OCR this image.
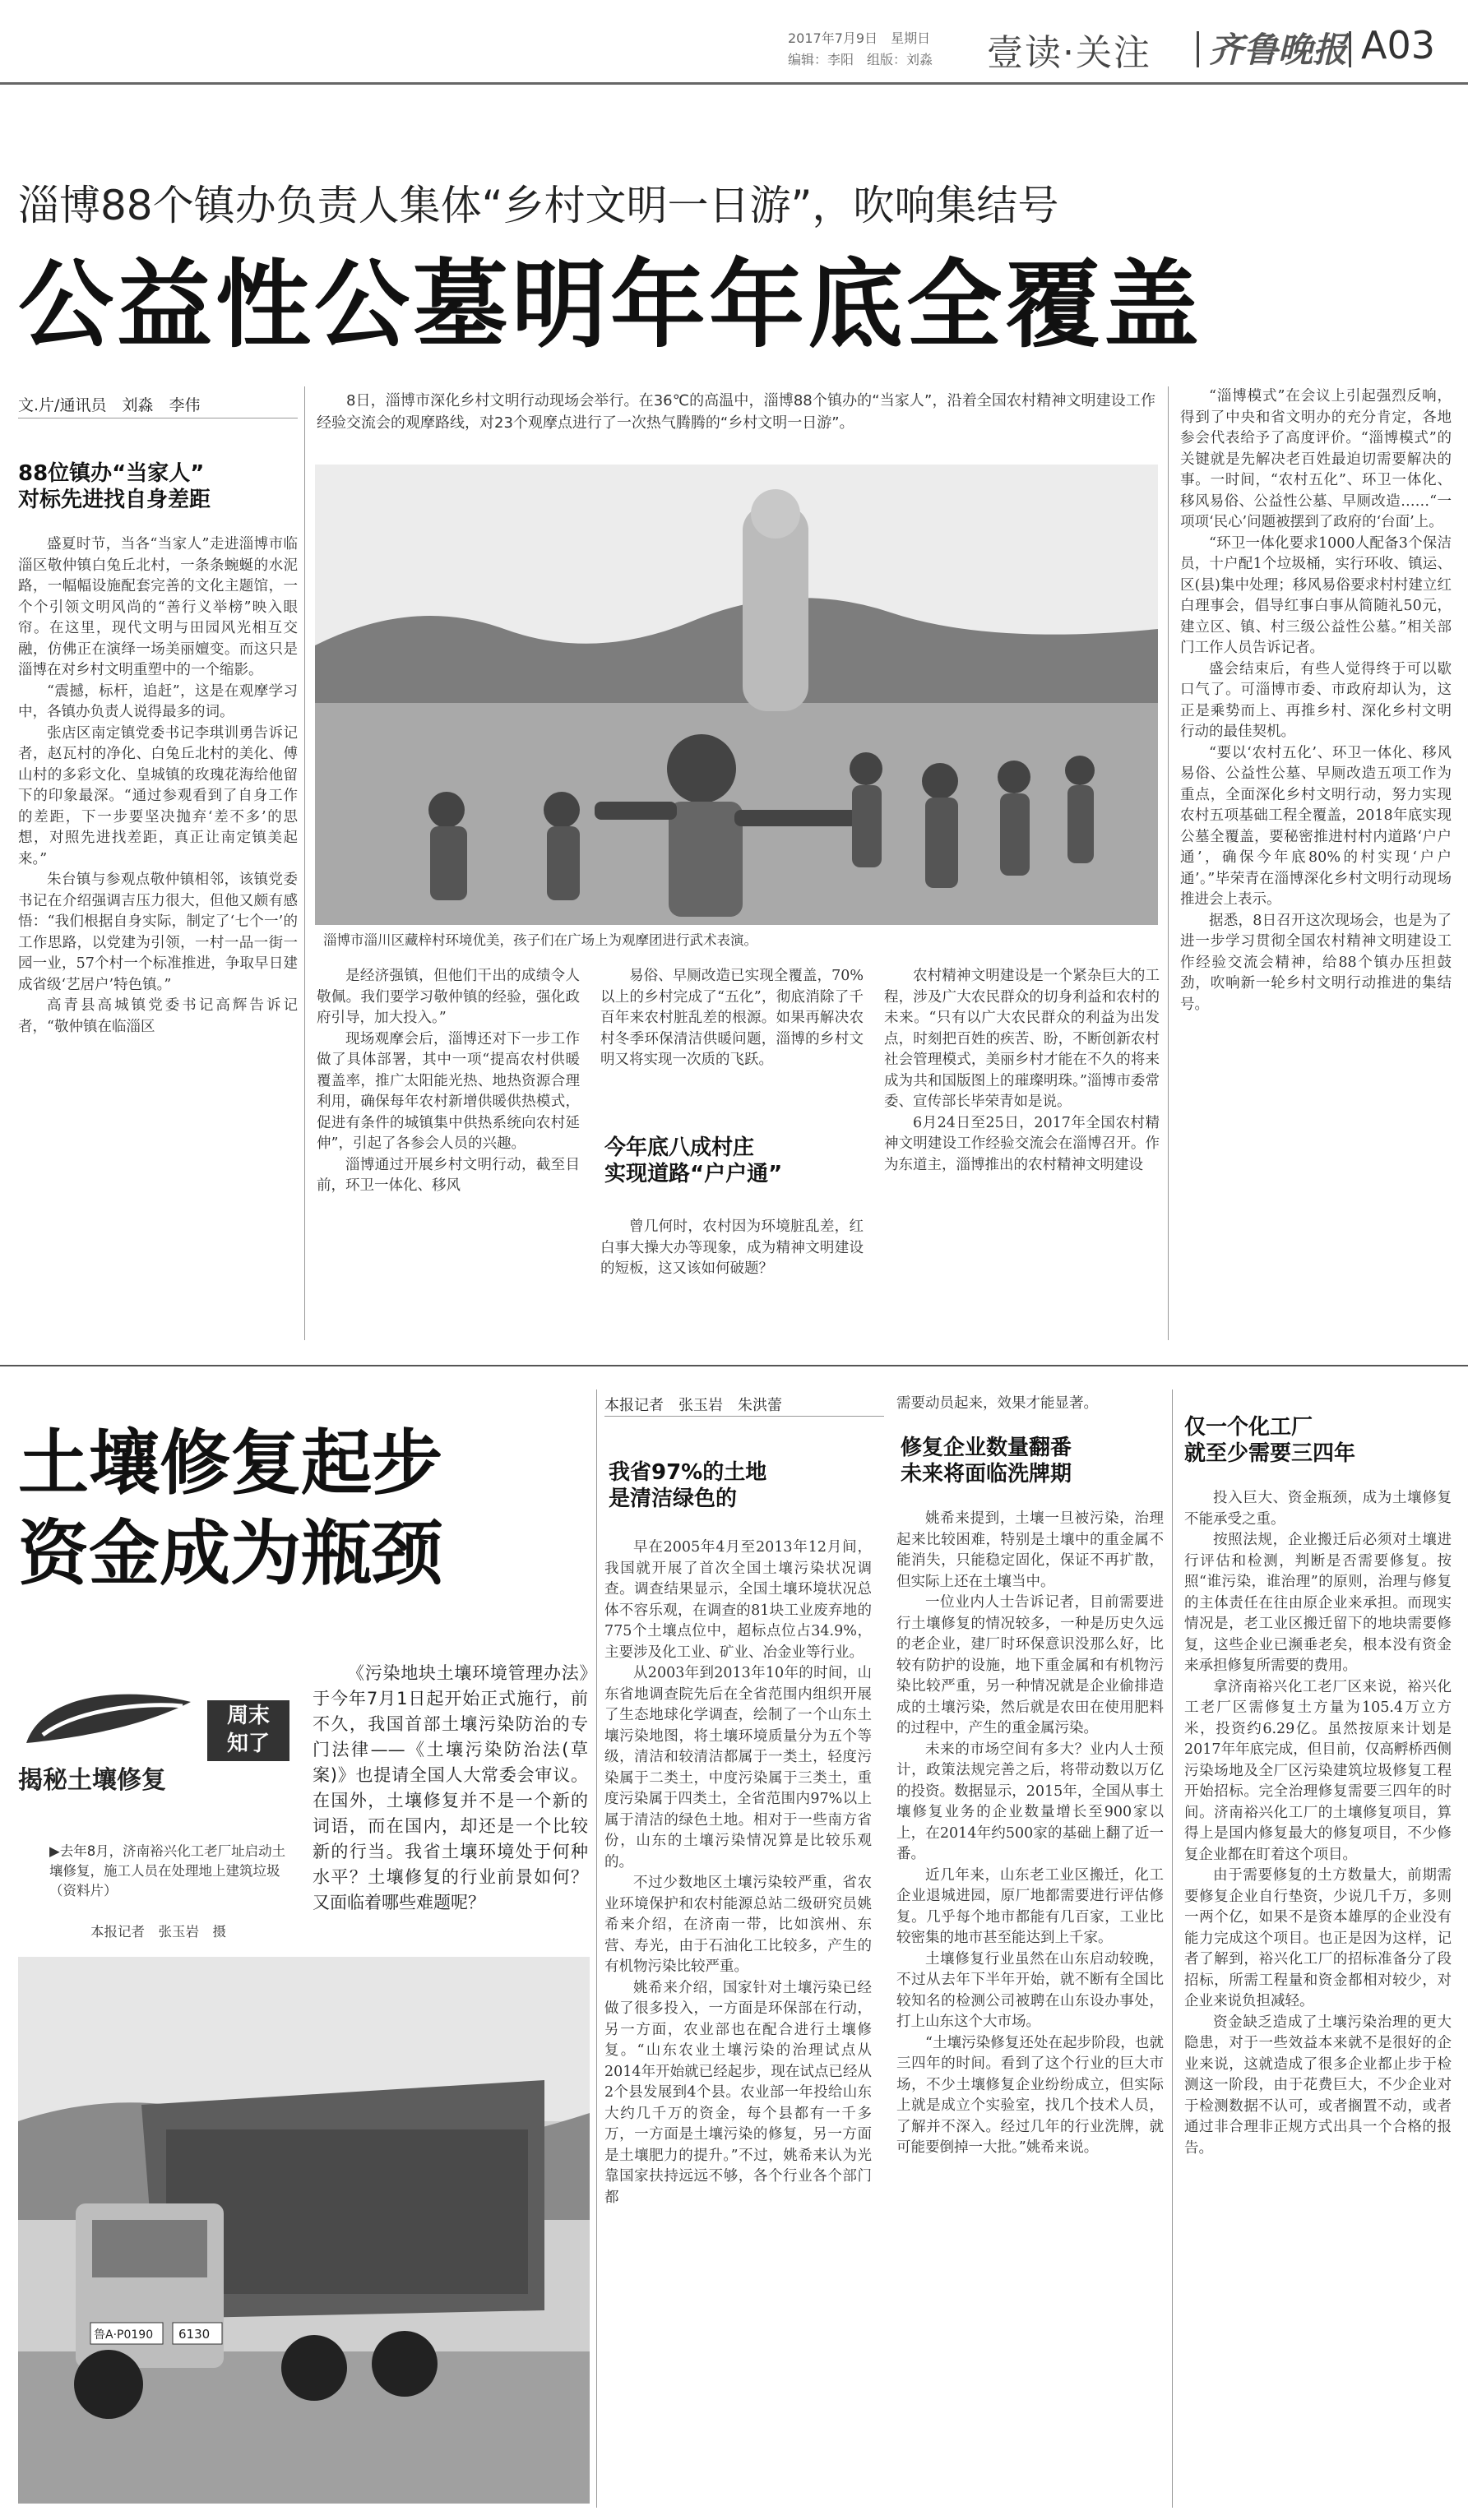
2017年7月9日　星期日
编辑：李阳　组版：刘淼 壹读·关注 齐鲁晚报 A03
淄博88个镇办负责人集体“乡村文明一日游”，吹响集结号
公益性公墓明年年底全覆盖
文.片/通讯员　刘淼　李伟	8日，淄博市深化乡村文明行动现场会举行。在36℃的高温中，淄博88个镇办的“当家人”，沿着全国农村精神文明建设工作经验交流会的观摩路线，对23个观摩点进行了一次热气腾腾的“乡村文明一日游”。

淄博市淄川区藏梓村环境优美，孩子们在广场上为观摩团进行武术表演。
88位镇办“当家人”
对标先进找自身差距

盛夏时节，当各“当家人”走进淄博市临淄区敬仲镇白兔丘北村，一条条蜿蜒的水泥路，一幅幅设施配套完善的文化主题馆，一个个引领文明风尚的“善行义举榜”映入眼帘。在这里，现代文明与田园风光相互交融，仿佛正在演绎一场美丽嬗变。而这只是淄博在对乡村文明重塑中的一个缩影。

“震撼，标杆，追赶”，这是在观摩学习中，各镇办负责人说得最多的词。

张店区南定镇党委书记李琪训勇告诉记者，赵瓦村的净化、白兔丘北村的美化、傅山村的多彩文化、皇城镇的玫瑰花海给他留下的印象最深。“通过参观看到了自身工作的差距，下一步要坚决抛弃‘差不多’的思想，对照先进找差距，真正让南定镇美起来。”

朱台镇与参观点敬仲镇相邻，该镇党委书记在介绍强调吉压力很大，但他又颇有感悟：“我们根据自身实际，制定了‘七个一’的工作思路，以党建为引领，一村一品一街一园一业，57个村一个标准推进，争取早日建成省级‘艺居户’特色镇。”

高青县高城镇党委书记高辉告诉记者，“敬仲镇在临淄区

是经济强镇，但他们干出的成绩令人敬佩。我们要学习敬仲镇的经验，强化政府引导，加大投入。”

现场观摩会后，淄博还对下一步工作做了具体部署，其中一项“提高农村供暖覆盖率，推广太阳能光热、地热资源合理利用，确保每年农村新增供暖供热模式，促进有条件的城镇集中供热系统向农村延伸”，引起了各参会人员的兴趣。

淄博通过开展乡村文明行动，截至目前，环卫一体化、移风

易俗、早厕改造已实现全覆盖，70%以上的乡村完成了“五化”，彻底消除了千百年来农村脏乱差的根源。如果再解决农村冬季环保清洁供暖问题，淄博的乡村文明又将实现一次质的飞跃。

今年底八成村庄
实现道路“户户通”

曾几何时，农村因为环境脏乱差，红白事大操大办等现象，成为精神文明建设的短板，这又该如何破题？

农村精神文明建设是一个紧杂巨大的工程，涉及广大农民群众的切身利益和农村的未来。“只有以广大农民群众的利益为出发点，时刻把百姓的疾苦、盼，不断创新农村社会管理模式，美丽乡村才能在不久的将来成为共和国版图上的璀璨明珠。”淄博市委常委、宣传部长毕荣青如是说。

6月24日至25日，2017年全国农村精神文明建设工作经验交流会在淄博召开。作为东道主，淄博推出的农村精神文明建设

“淄博模式”在会议上引起强烈反响，得到了中央和省文明办的充分肯定，各地参会代表给予了高度评价。“淄博模式”的关键就是先解决老百姓最迫切需要解决的事。一时间，“农村五化”、环卫一体化、移风易俗、公益性公墓、早厕改造……“一项项‘民心’问题被摆到了政府的‘台面’上。

“环卫一体化要求1000人配备3个保洁员，十户配1个垃圾桶，实行环收、镇运、区(县)集中处理；移风易俗要求村村建立红白理事会，倡导红事白事从简随礼50元，建立区、镇、村三级公益性公墓。”相关部门工作人员告诉记者。

盛会结束后，有些人觉得终于可以歇口气了。可淄博市委、市政府却认为，这正是乘势而上、再推乡村、深化乡村文明行动的最佳契机。

“要以‘农村五化’、环卫一体化、移风易俗、公益性公墓、早厕改造五项工作为重点，全面深化乡村文明行动，努力实现农村五项基础工程全覆盖，2018年底实现公墓全覆盖，要秘密推进村村内道路‘户户通’，确保今年底80%的村实现‘户户通’。”毕荣青在淄博深化乡村文明行动现场推进会上表示。

据悉，8日召开这次现场会，也是为了进一步学习贯彻全国农村精神文明建设工作经验交流会精神，给88个镇办压担鼓劲，吹响新一轮乡村文明行动推进的集结号。

土壤修复起步
资金成为瓶颈
周末知了
揭秘土壤修复

《污染地块土壤环境管理办法》于今年7月1日起开始正式施行，前不久，我国首部土壤污染防治的专门法律——《土壤污染防治法(草案)》也提请全国人大常委会审议。在国外，土壤修复并不是一个新的词语，而在国内，却还是一个比较新的行当。我省土壤环境处于何种水平？土壤修复的行业前景如何？又面临着哪些难题呢？

▶去年8月，济南裕兴化工老厂址启动土壤修复，施工人员在处理地上建筑垃圾（资料片）
本报记者　张玉岩　摄
鲁A·P0190 6130
本报记者　张玉岩　朱洪蕾
我省97%的土地
是清洁绿色的

早在2005年4月至2013年12月间，我国就开展了首次全国土壤污染状况调查。调查结果显示，全国土壤环境状况总体不容乐观，在调查的81块工业废弃地的775个土壤点位中，超标点位占34.9%，主要涉及化工业、矿业、冶金业等行业。

从2003年到2013年10年的时间，山东省地调查院先后在全省范围内组织开展了生态地球化学调查，绘制了一个山东土壤污染地图，将土壤环境质量分为五个等级，清洁和较清洁都属于一类土，轻度污染属于二类土，中度污染属于三类土，重度污染属于四类土，全省范围内97%以上属于清洁的绿色土地。相对于一些南方省份，山东的土壤污染情况算是比较乐观的。

不过少数地区土壤污染较严重，省农业环境保护和农村能源总站二级研究员姚希来介绍，在济南一带，比如滨州、东营、寿光，由于石油化工比较多，产生的有机物污染比较严重。

姚希来介绍，国家针对土壤污染已经做了很多投入，一方面是环保部在行动，另一方面，农业部也在配合进行土壤修复。“山东农业土壤污染的治理试点从2014年开始就已经起步，现在试点已经从2个县发展到4个县。农业部一年投给山东大约几千万的资金，每个县都有一千多万，一方面是土壤污染的修复，另一方面是土壤肥力的提升。”不过，姚希来认为光靠国家扶持远远不够，各个行业各个部门都

需要动员起来，效果才能显著。

修复企业数量翻番
未来将面临洗牌期

姚希来提到，土壤一旦被污染，治理起来比较困难，特别是土壤中的重金属不能消失，只能稳定固化，保证不再扩散，但实际上还在土壤当中。

一位业内人士告诉记者，目前需要进行土壤修复的情况较多，一种是历史久远的老企业，建厂时环保意识没那么好，比较有防护的设施，地下重金属和有机物污染比较严重，另一种情况就是企业偷排造成的土壤污染，然后就是农田在使用肥料的过程中，产生的重金属污染。

未来的市场空间有多大？业内人士预计，政策法规完善之后，将带动数以万亿的投资。数据显示，2015年，全国从事土壤修复业务的企业数量增长至900家以上，在2014年约500家的基础上翻了近一番。

近几年来，山东老工业区搬迁，化工企业退城进园，原厂地都需要进行评估修复。几乎每个地市都能有几百家，工业比较密集的地市甚至能达到上千家。

土壤修复行业虽然在山东启动较晚，不过从去年下半年开始，就不断有全国比较知名的检测公司被聘在山东设办事处，打上山东这个大市场。

“土壤污染修复还处在起步阶段，也就三四年的时间。看到了这个行业的巨大市场，不少土壤修复企业纷纷成立，但实际上就是成立个实验室，找几个技术人员，了解并不深入。经过几年的行业洗牌，就可能要倒掉一大批。”姚希来说。

仅一个化工厂
就至少需要三四年

投入巨大、资金瓶颈，成为土壤修复不能承受之重。

按照法规，企业搬迁后必须对土壤进行评估和检测，判断是否需要修复。按照“谁污染，谁治理”的原则，治理与修复的主体责任在往由原企业来承担。而现实情况是，老工业区搬迁留下的地块需要修复，这些企业已濒垂老矣，根本没有资金来承担修复所需要的费用。

拿济南裕兴化工老厂区来说，裕兴化工老厂区需修复土方量为105.4万立方米，投资约6.29亿。虽然按原来计划是2017年年底完成，但目前，仅高孵桥西侧污染场地及全厂区污染建筑垃圾修复工程开始招标。完全治理修复需要三四年的时间。济南裕兴化工厂的土壤修复项目，算得上是国内修复最大的修复项目，不少修复企业都在盯着这个项目。

由于需要修复的土方数量大，前期需要修复企业自行垫资，少说几千万，多则一两个亿，如果不是资本雄厚的企业没有能力完成这个项目。也正是因为这样，记者了解到，裕兴化工厂的招标准备分了段招标，所需工程量和资金都相对较少，对企业来说负担减轻。

资金缺乏造成了土壤污染治理的更大隐患，对于一些效益本来就不是很好的企业来说，这就造成了很多企业都止步于检测这一阶段，由于花费巨大，不少企业对于检测数据不认可，或者搁置不动，或者通过非合理非正规方式出具一个合格的报告。
